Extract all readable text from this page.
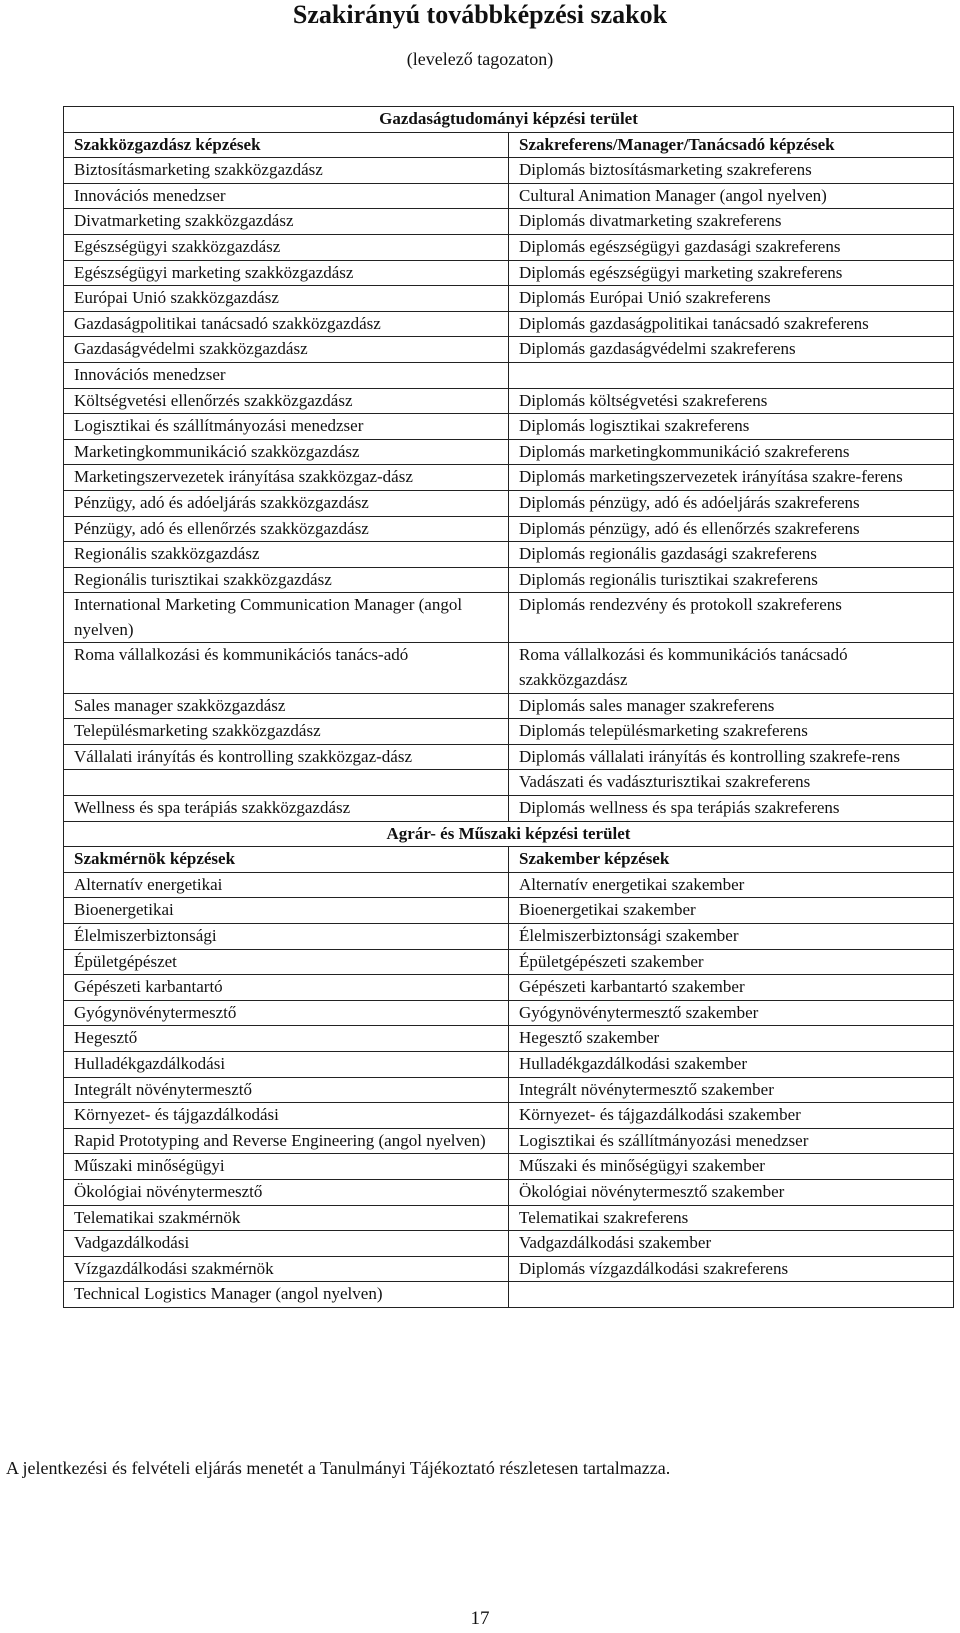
Szakirányú továbbképzési szakok
(levelező tagozaton)
Gazdaságtudományi képzési terület	
Szakközgazdász képzések	Szakreferens/Manager/Tanácsadó képzések
Biztosításmarketing szakközgazdász	Diplomás biztosításmarketing szakreferens
Innovációs menedzser	Cultural Animation Manager (angol nyelven)
Divatmarketing szakközgazdász	Diplomás divatmarketing szakreferens
Egészségügyi szakközgazdász	Diplomás egészségügyi gazdasági szakreferens
Egészségügyi marketing szakközgazdász	Diplomás egészségügyi marketing szakreferens
Európai Unió szakközgazdász	Diplomás Európai Unió szakreferens
Gazdaságpolitikai tanácsadó szakközgazdász	Diplomás gazdaságpolitikai tanácsadó szakreferens
Gazdaságvédelmi szakközgazdász	Diplomás gazdaságvédelmi szakreferens
Innovációs menedzser	
Költségvetési ellenőrzés szakközgazdász	Diplomás költségvetési szakreferens
Logisztikai és szállítmányozási menedzser	Diplomás logisztikai szakreferens
Marketingkommunikáció szakközgazdász	Diplomás marketingkommunikáció szakreferens
Marketingszervezetek irányítása szakközgaz-dász	Diplomás marketingszervezetek irányítása szakre-ferens
Pénzügy, adó és adóeljárás szakközgazdász	Diplomás pénzügy, adó és adóeljárás szakreferens
Pénzügy, adó és ellenőrzés szakközgazdász	Diplomás pénzügy, adó és ellenőrzés szakreferens
Regionális szakközgazdász	Diplomás regionális gazdasági szakreferens
Regionális turisztikai szakközgazdász	Diplomás regionális turisztikai szakreferens
International Marketing Communication Manager (angol nyelven)	Diplomás rendezvény és protokoll szakreferens
Roma vállalkozási és kommunikációs tanács-adó	Roma vállalkozási és kommunikációs tanácsadó szakközgazdász
Sales manager szakközgazdász	Diplomás sales manager szakreferens
Településmarketing szakközgazdász	Diplomás településmarketing szakreferens
Vállalati irányítás és kontrolling szakközgaz-dász	Diplomás vállalati irányítás és kontrolling szakrefe-rens
	Vadászati és vadászturisztikai szakreferens
Wellness és spa terápiás szakközgazdász	Diplomás wellness és spa terápiás szakreferens
Agrár- és Műszaki képzési terület	
Szakmérnök képzések	Szakember képzések
Alternatív energetikai	Alternatív energetikai szakember
Bioenergetikai	Bioenergetikai szakember
Élelmiszerbiztonsági	Élelmiszerbiztonsági szakember
Épületgépészet	Épületgépészeti szakember
Gépészeti karbantartó	Gépészeti karbantartó szakember
Gyógynövénytermesztő	Gyógynövénytermesztő szakember
Hegesztő	Hegesztő szakember
Hulladékgazdálkodási	Hulladékgazdálkodási szakember
Integrált növénytermesztő	Integrált növénytermesztő szakember
Környezet- és tájgazdálkodási	Környezet- és tájgazdálkodási szakember
Rapid Prototyping and Reverse Engineering (angol nyelven)	Logisztikai és szállítmányozási menedzser
Műszaki minőségügyi	Műszaki és minőségügyi szakember
Ökológiai növénytermesztő	Ökológiai növénytermesztő szakember
Telematikai szakmérnök	Telematikai szakreferens
Vadgazdálkodási	Vadgazdálkodási szakember
Vízgazdálkodási szakmérnök	Diplomás vízgazdálkodási szakreferens
Technical Logistics Manager (angol nyelven)	
A jelentkezési és felvételi eljárás menetét a Tanulmányi Tájékoztató részletesen tartalmazza.
17
